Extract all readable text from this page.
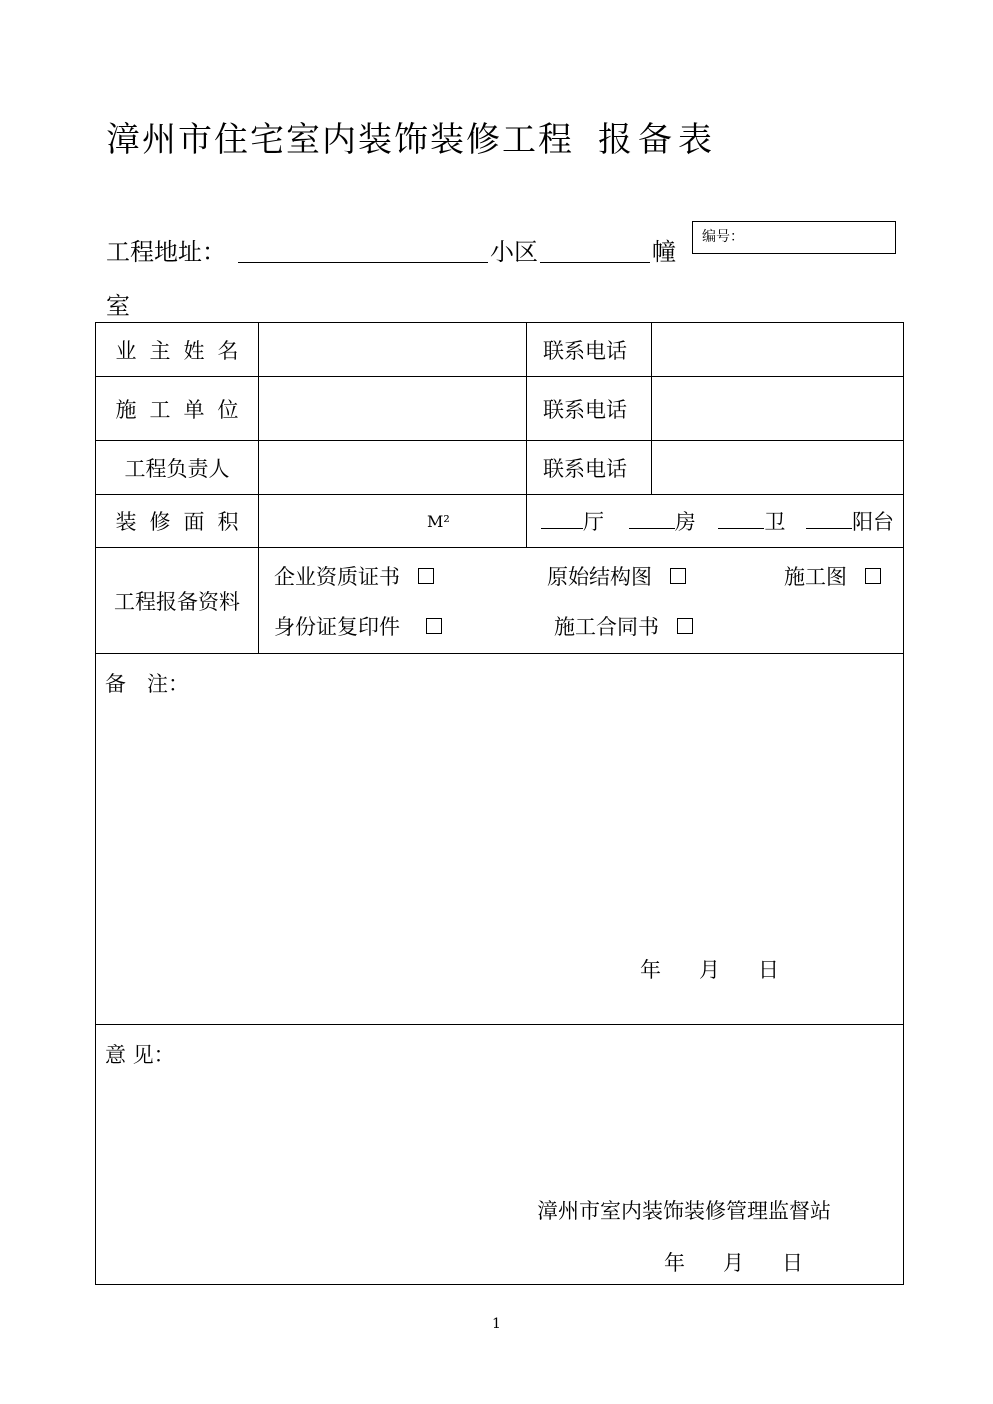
漳州市住宅室内装饰装修工程 报备表
编号：
工程地址：	小区	幢
室
业主姓名		联系电话	
施工单位		联系电话	
工程负责人		联系电话	
装修面积	M²	厅 房 卫 阳台	
工程报备资料	企业资质证书 原始结构图 施工图
身份证复印件 施工合同书		

备　注：
年 月 日			

意 见：
漳州市室内装饰装修管理监督站
年 月 日			
1
